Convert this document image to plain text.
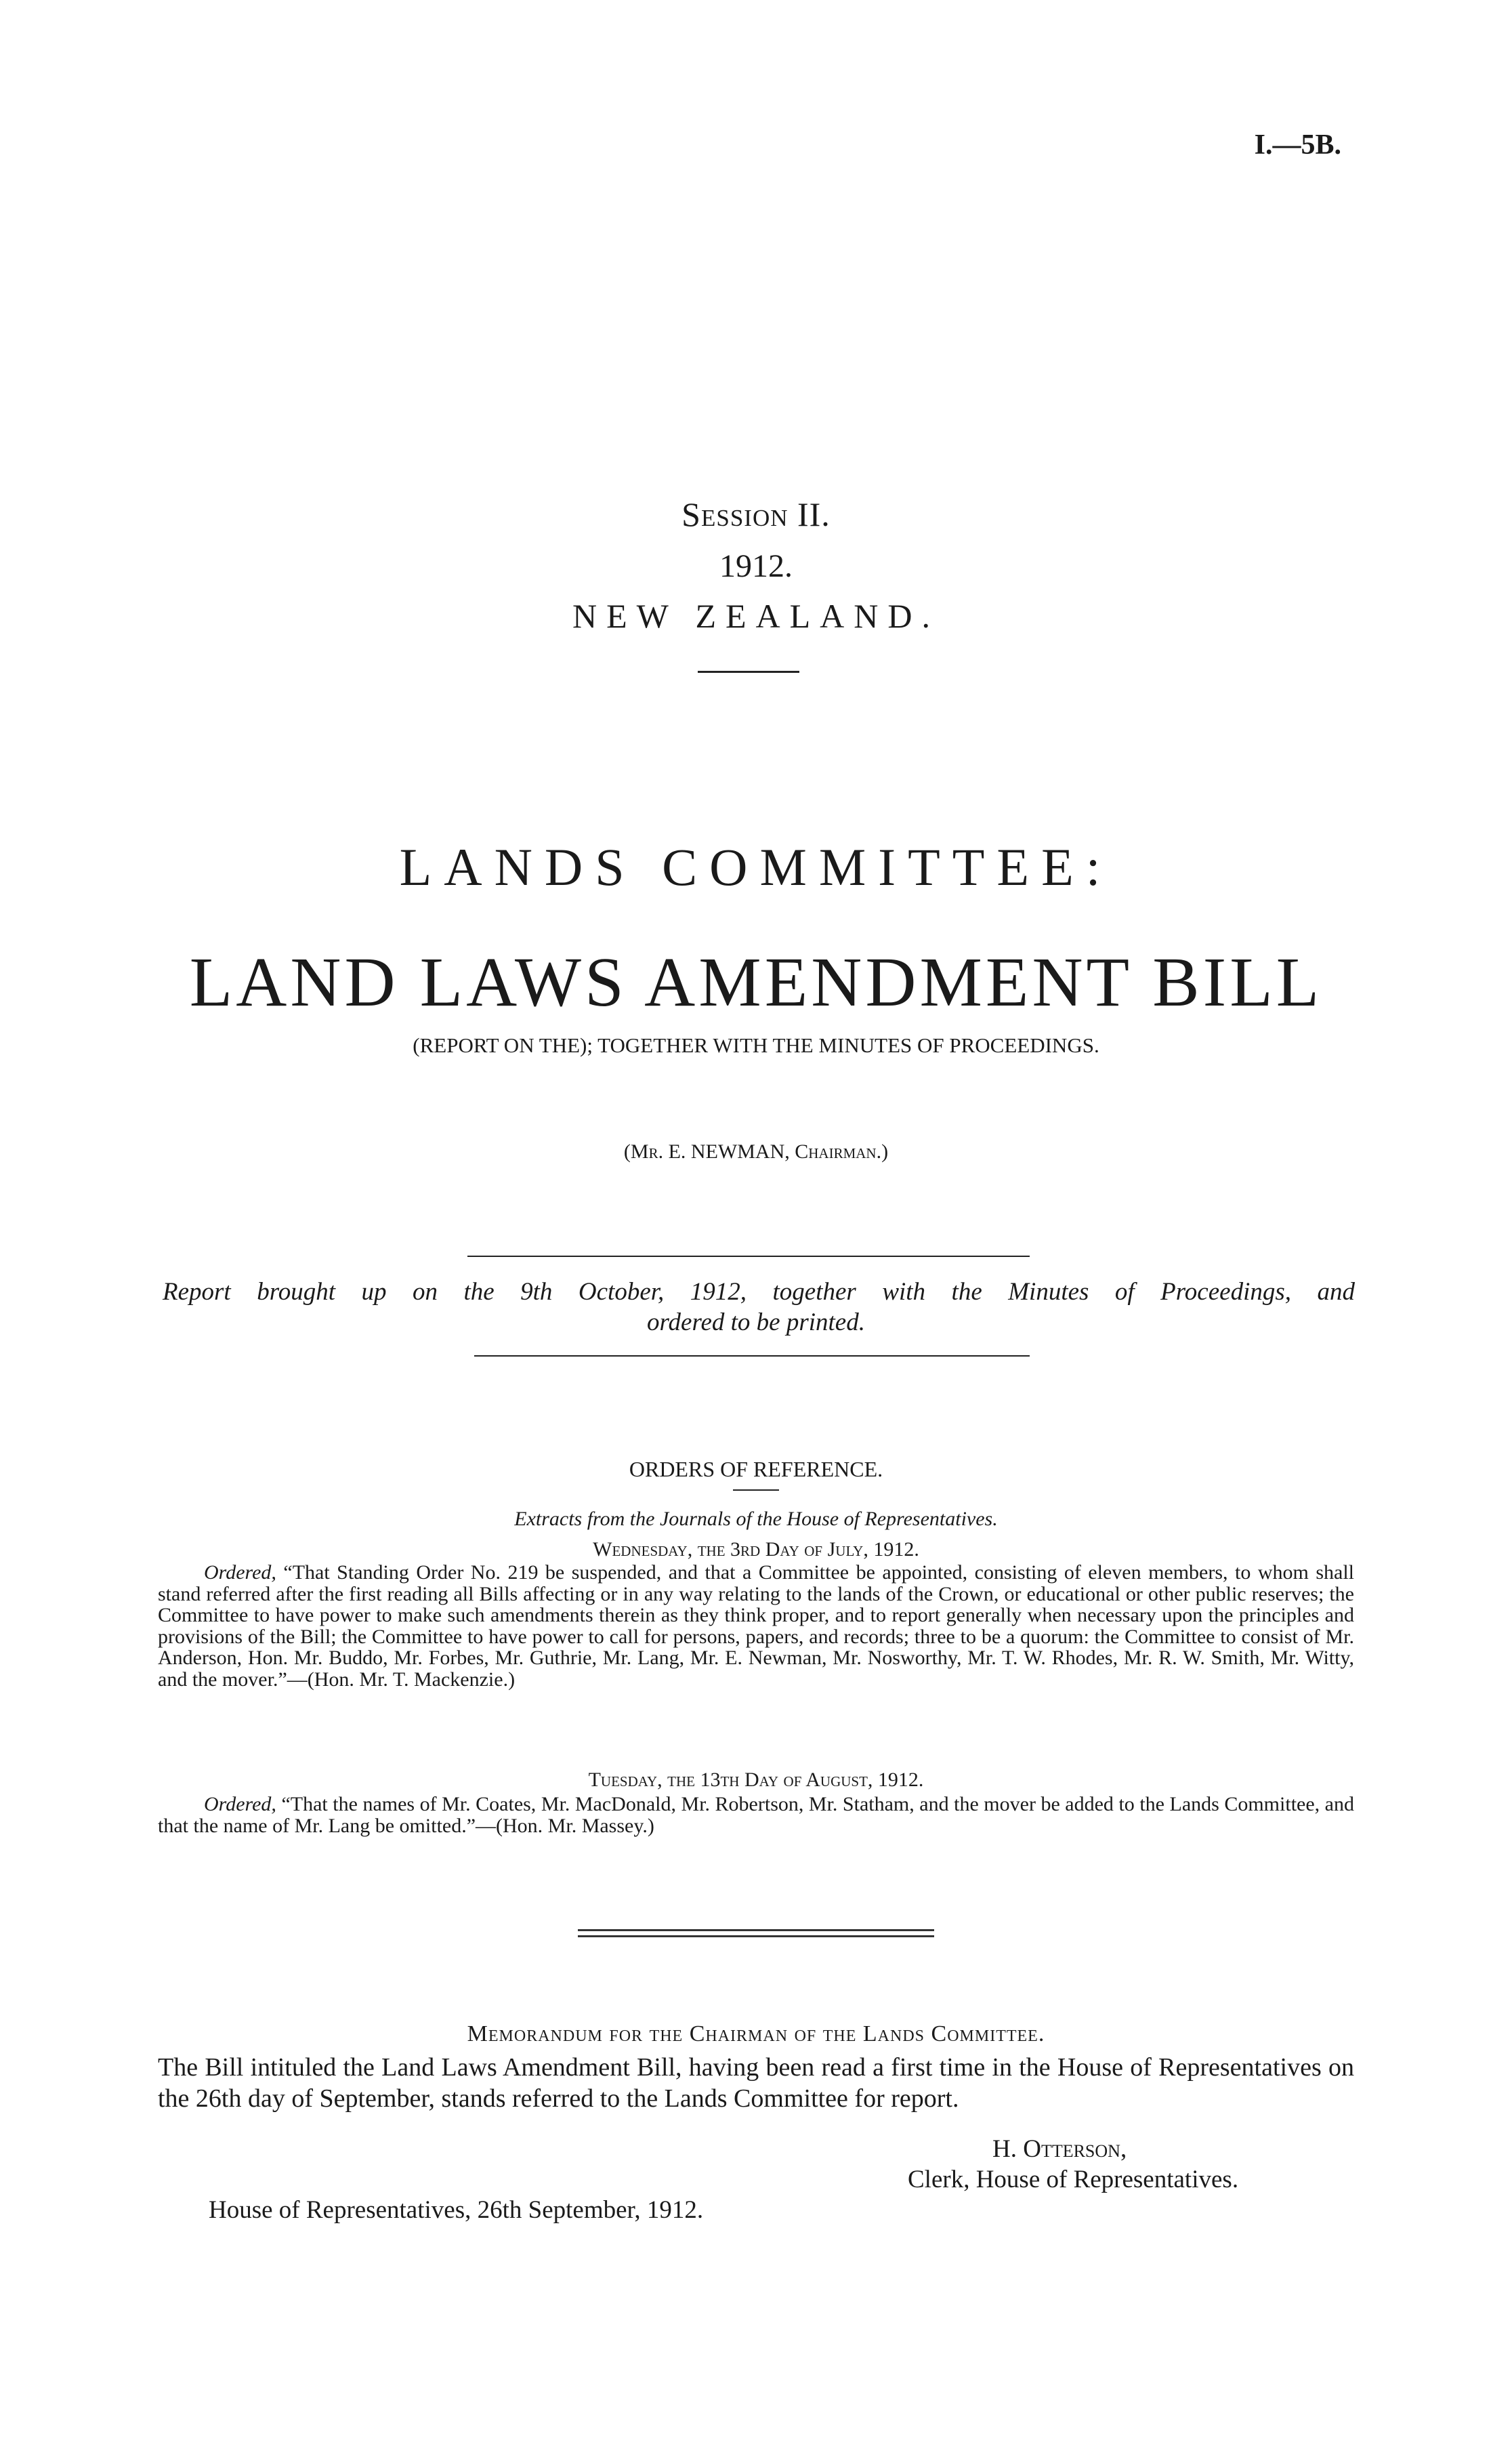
I.—5B.
Session II.
1912.
NEW ZEALAND.
LANDS COMMITTEE:
LAND LAWS AMENDMENT BILL
(REPORT ON THE); TOGETHER WITH THE MINUTES OF PROCEEDINGS.
(Mr. E. NEWMAN, Chairman.)
Report brought up on the 9th October, 1912, together with the Minutes of Proceedings, and
ordered to be printed.
ORDERS OF REFERENCE.
Extracts from the Journals of the House of Representatives.
Wednesday, the 3rd Day of July, 1912.
Ordered, “That Standing Order No. 219 be suspended, and that a Committee be appointed, consisting of eleven members, to whom shall stand referred after the first reading all Bills affecting or in any way relating to the lands of the Crown, or educational or other public reserves; the Committee to have power to make such amendments therein as they think proper, and to report generally when necessary upon the principles and provisions of the Bill; the Committee to have power to call for persons, papers, and records; three to be a quorum: the Committee to consist of Mr. Anderson, Hon. Mr. Buddo, Mr. Forbes, Mr. Guthrie, Mr. Lang, Mr. E. Newman, Mr. Nosworthy, Mr. T. W. Rhodes, Mr. R. W. Smith, Mr. Witty, and the mover.”—(Hon. Mr. T. Mackenzie.)
Tuesday, the 13th Day of August, 1912.
Ordered, “That the names of Mr. Coates, Mr. MacDonald, Mr. Robertson, Mr. Statham, and the mover be added to the Lands Committee, and that the name of Mr. Lang be omitted.”—(Hon. Mr. Massey.)
Memorandum for the Chairman of the Lands Committee.
The Bill intituled the Land Laws Amendment Bill, having been read a first time in the House of Representatives on the 26th day of September, stands referred to the Lands Committee for report.
H. Otterson,
Clerk, House of Representatives.
House of Representatives, 26th September, 1912.
